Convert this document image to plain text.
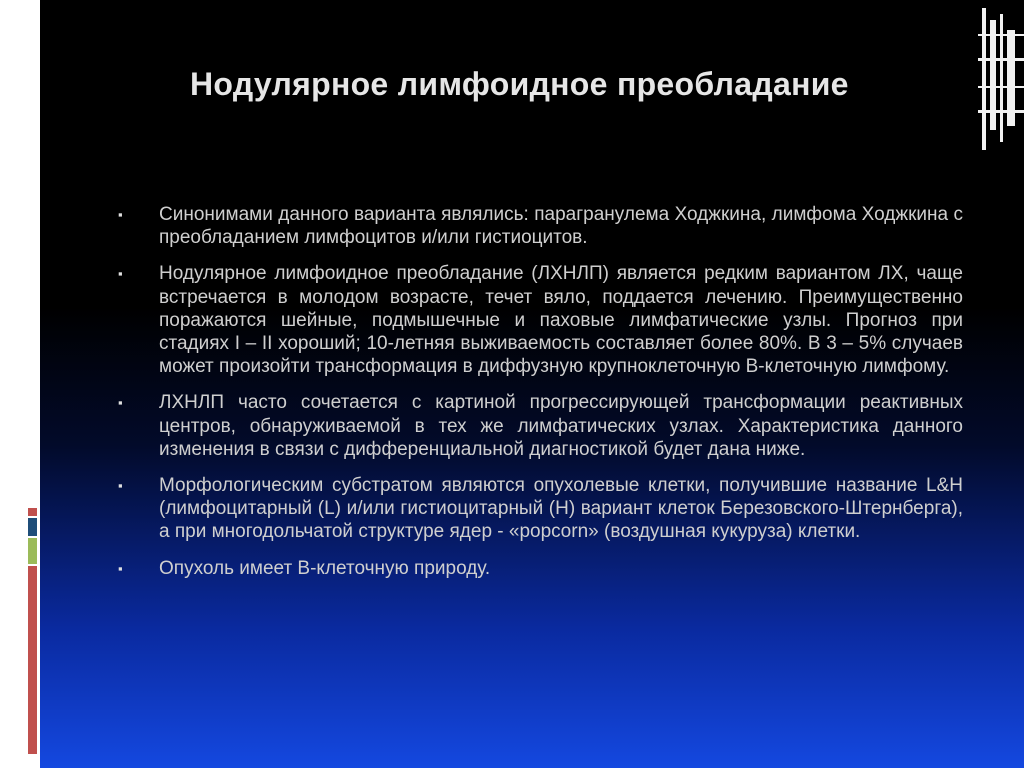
Нодулярное лимфоидное преобладание
▪ Синонимами данного варианта являлись: парагранулема Ходжкина, лимфома Ходжкина с преобладанием лимфоцитов и/или гистиоцитов.
▪ Нодулярное лимфоидное преобладание (ЛХНЛП) является редким вариантом ЛХ, чаще встречается в молодом возрасте, течет вяло, поддается лечению. Преимущественно поражаются шейные, подмышечные и паховые лимфатические узлы. Прогноз при стадиях I – II хороший; 10-летняя выживаемость составляет более 80%. В 3 – 5% случаев может произойти трансформация в диффузную крупноклеточную В-клеточную лимфому.
▪ ЛХНЛП часто сочетается с картиной прогрессирующей трансформации реактивных центров, обнаруживаемой в тех же лимфатических узлах. Характеристика данного изменения в связи с дифференциальной диагностикой будет дана ниже.
▪ Морфологическим субстратом являются опухолевые клетки, получившие название L&H (лимфоцитарный (L) и/или гистиоцитарный (H) вариант клеток Березовского-Штернберга), а при многодольчатой структуре ядер - «popcorn» (воздушная кукуруза) клетки.
▪ Опухоль имеет В-клеточную природу.
